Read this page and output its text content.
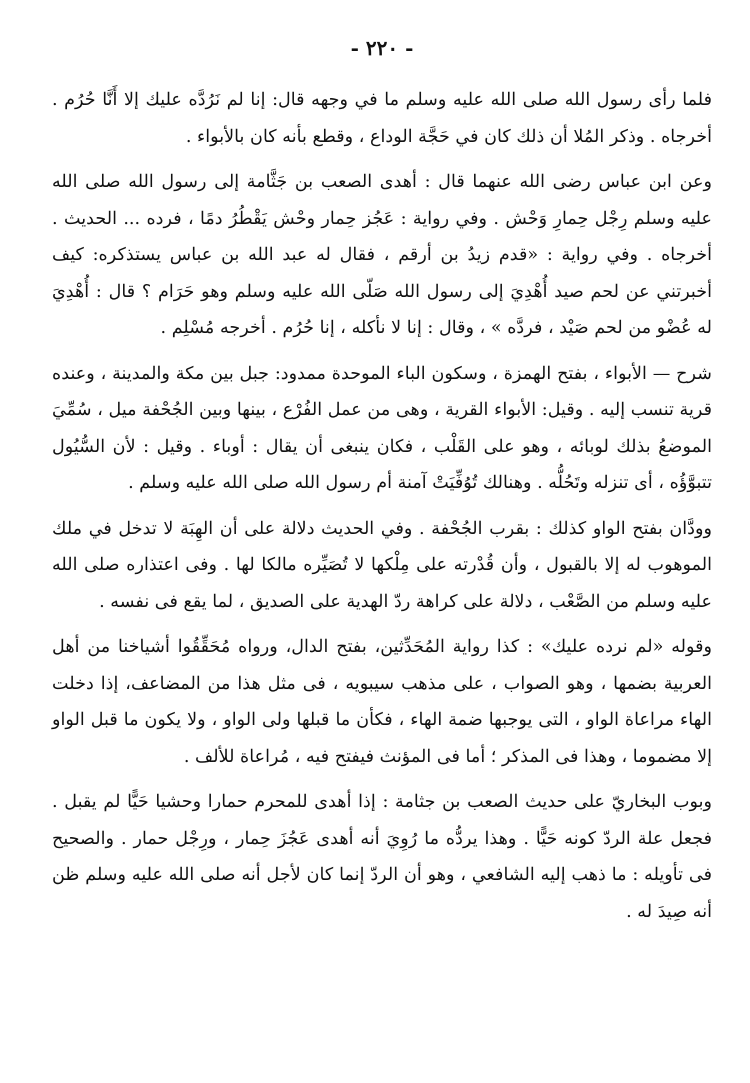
- ٢٢٠ -

فلما رأى رسول الله صلى الله عليه وسلم ما في وجهه قال: إنا لم نَرُدَّه عليك إلا أَنَّا حُرُم . أخرجاه . وذكر المُلا أن ذلك كان في حَجَّة الوداع ، وقطع بأنه كان بالأبواء .

وعن ابن عباس رضى الله عنهما قال : أهدى الصعب بن جَثَّامة إلى رسول الله صلى الله عليه وسلم رِجْل حِمارِ وَحْش . وفي رواية : عَجُز حِمار وحْش يَقْطُرُ دمًا ، فرده ... الحديث . أخرجاه . وفي رواية : «قدم زيدُ بن أرقم ، فقال له عبد الله بن عباس يستذكره: كيف أخبرتني عن لحم صيد أُهْدِيَ إلى رسول الله صَلّى الله عليه وسلم وهو حَرَام ؟ قال : أُهْدِيَ له عُضْو من لحم صَيْد ، فردَّه » ، وقال : إنا لا نأكله ، إنا حُرُم . أخرجه مُسْلِم .

شرح — الأبواء ، بفتح الهمزة ، وسكون الباء الموحدة ممدود: جبل بين مكة والمدينة ، وعنده قرية تنسب إليه . وقيل: الأبواء القرية ، وهى من عمل الفُرْع ، بينها وبين الجُحْفة ميل ، سُمِّيَ الموضعُ بذلك لوبائه ، وهو على القَلْب ، فكان ينبغى أن يقال : أوباء . وقيل : لأن السُّيُول تتبوَّؤُه ، أى تنزله وتَحُلُّه . وهنالك تُوُفِّيَتْ آمنة أم رسول الله صلى الله عليه وسلم .

وودَّان بفتح الواو كذلك : بقرب الجُحْفة . وفي الحديث دلالة على أن الهِبَة لا تدخل في ملك الموهوب له إلا بالقبول ، وأن قُدْرته على مِلْكها لا تُصَيِّره مالكا لها . وفى اعتذاره صلى الله عليه وسلم من الصَّعْب ، دلالة على كراهة ردّ الهدية على الصديق ، لما يقع فى نفسه .

وقوله «لم نرده عليك» : كذا رواية المُحَدِّثين، بفتح الدال، ورواه مُحَقِّقُوا أشياخنا من أهل العربية بضمها ، وهو الصواب ، على مذهب سيبويه ، فى مثل هذا من المضاعف، إذا دخلت الهاء مراعاة الواو ، التى يوجبها ضمة الهاء ، فكأن ما قبلها ولى الواو ، ولا يكون ما قبل الواو إلا مضموما ، وهذا فى المذكر ؛ أما فى المؤنث فيفتح فيه ، مُراعاة للألف .

وبوب البخاريّ على حديث الصعب بن جثامة : إذا أهدى للمحرم حمارا وحشيا حَيًّا لم يقبل . فجعل علة الردّ كونه حَيًّا . وهذا يردُّه ما رُوِيَ أنه أهدى عَجُزَ حِمار ، ورِجْل حمار . والصحيح فى تأويله : ما ذهب إليه الشافعي ، وهو أن الردّ إنما كان لأجل أنه صلى الله عليه وسلم ظن أنه صِيدَ له .
